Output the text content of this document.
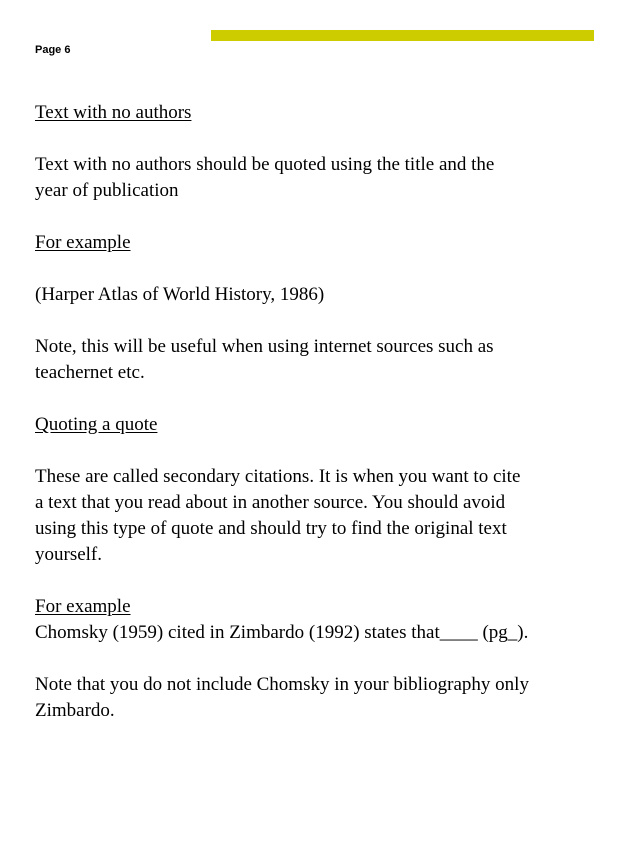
Page 6

Text with no authors

Text with no authors should be quoted using the title and the

year of publication

For example

(Harper Atlas of World History, 1986)

Note, this will be useful when using internet sources such as

teachernet etc.

Quoting a quote

These are called secondary citations. It is when you want to cite

a text that you read about in another source. You should avoid

using this type of quote and should try to find the original text

yourself.

For example

Chomsky (1959) cited in Zimbardo (1992) states that____ (pg_).

Note that you do not include Chomsky in your bibliography only

Zimbardo.
